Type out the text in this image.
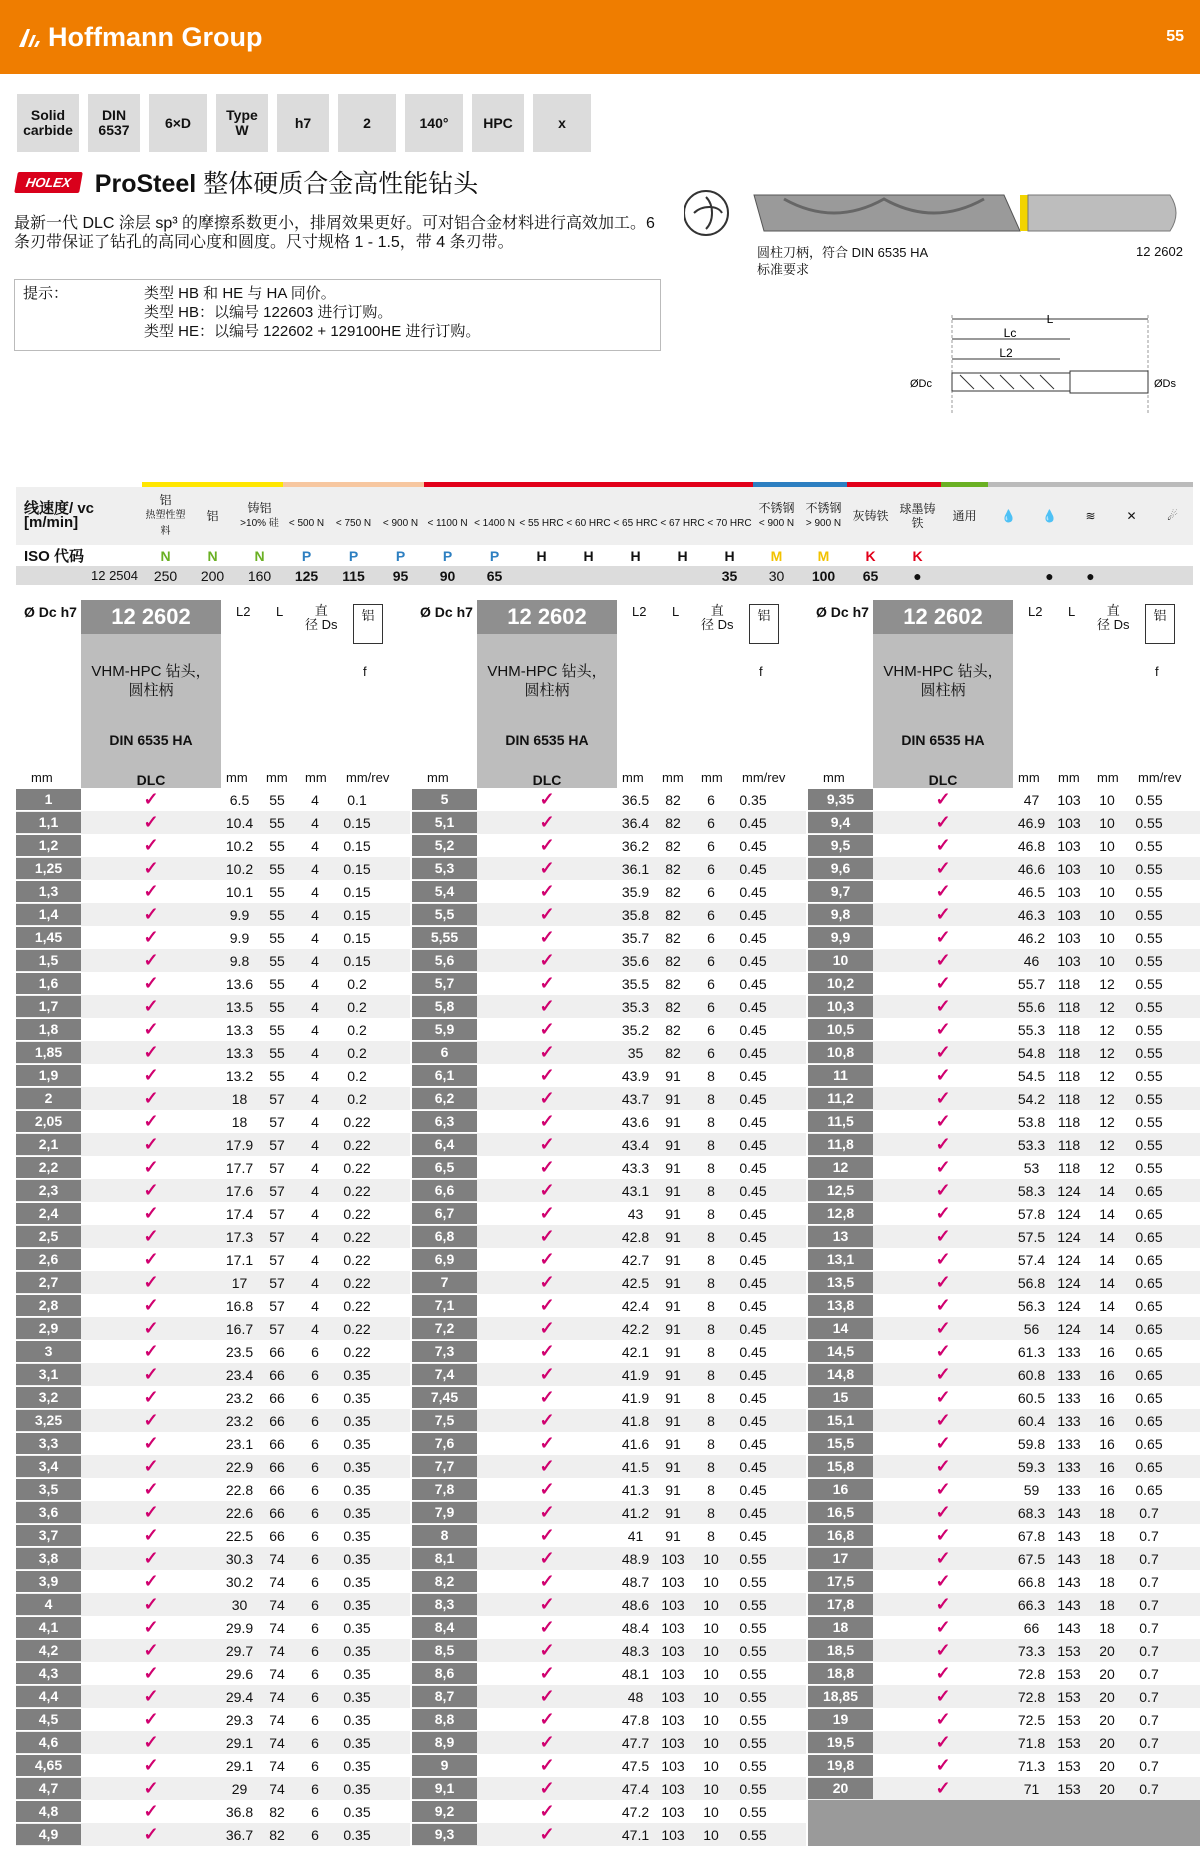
Hoffmann Group	55
Solid
carbide
DIN
6537	6×D	Type
W	h7	2	140°	HPC	x
HOLEX ProSteel 整体硬质合金高性能钻头
最新一代 DLC 涂层 sp³ 的摩擦系数更小，排屑效果更好。可对铝合金材料进行高效加工。6 条刃带保证了钻孔的高同心度和圆度。尺寸规格 1 - 1.5，带 4 条刃带。
提示：	类型 HB 和 HE 与 HA 同价。
类型 HB：以编号 122603 进行订购。
类型 HE：以编号 122602 + 129100HE 进行订购。
圆柱刀柄，符合 DIN 6535 HA
标准要求
12 2602
L
Lc
L2
ØDc	ØDs

线速度/ vc [m/min]	铝
热塑性塑料	铝	铸铝
>10% 硅	< 500 N	< 750 N	< 900 N	< 1100 N	< 1400 N	< 55 HRC	< 60 HRC	< 65 HRC	< 67 HRC	< 70 HRC	不锈钢
< 900 N	不锈钢
> 900 N	灰铸铁	球墨铸铁	通用	💧	💧	≋	✕	☄
ISO 代码	N	N	N	P	P	P	P	P	H	H	H	H	H	M	M	K	K						
12 2504	250	200	160	125	115	95	90	65					35	30	100	65	●			●	●		
Ø Dc h7	12 2602
VHM-HPC 钻头，
圆柱柄
DIN 6535 HA
DLC
L2 L	直
径 Ds
铝
f
mm	mm mm mm mm/rev
1	✓	6.5	55	4	0.1
1,1	✓	10.4	55	4	0.15
1,2	✓	10.2	55	4	0.15
1,25	✓	10.2	55	4	0.15
1,3	✓	10.1	55	4	0.15
1,4	✓	9.9	55	4	0.15
1,45	✓	9.9	55	4	0.15
1,5	✓	9.8	55	4	0.15
1,6	✓	13.6	55	4	0.2
1,7	✓	13.5	55	4	0.2
1,8	✓	13.3	55	4	0.2
1,85	✓	13.3	55	4	0.2
1,9	✓	13.2	55	4	0.2
2	✓	18	57	4	0.2
2,05	✓	18	57	4	0.22
2,1	✓	17.9	57	4	0.22
2,2	✓	17.7	57	4	0.22
2,3	✓	17.6	57	4	0.22
2,4	✓	17.4	57	4	0.22
2,5	✓	17.3	57	4	0.22
2,6	✓	17.1	57	4	0.22
2,7	✓	17	57	4	0.22
2,8	✓	16.8	57	4	0.22
2,9	✓	16.7	57	4	0.22
3	✓	23.5	66	6	0.22
3,1	✓	23.4	66	6	0.35
3,2	✓	23.2	66	6	0.35
3,25	✓	23.2	66	6	0.35
3,3	✓	23.1	66	6	0.35
3,4	✓	22.9	66	6	0.35
3,5	✓	22.8	66	6	0.35
3,6	✓	22.6	66	6	0.35
3,7	✓	22.5	66	6	0.35
3,8	✓	30.3	74	6	0.35
3,9	✓	30.2	74	6	0.35
4	✓	30	74	6	0.35
4,1	✓	29.9	74	6	0.35
4,2	✓	29.7	74	6	0.35
4,3	✓	29.6	74	6	0.35
4,4	✓	29.4	74	6	0.35
4,5	✓	29.3	74	6	0.35
4,6	✓	29.1	74	6	0.35
4,65	✓	29.1	74	6	0.35
4,7	✓	29	74	6	0.35
4,8	✓	36.8	82	6	0.35
4,9	✓	36.7	82	6	0.35
Ø Dc h7	12 2602
VHM-HPC 钻头，
圆柱柄
DIN 6535 HA
DLC
L2 L	直
径 Ds
铝
f
mm	mm mm mm mm/rev
5	✓	36.5	82	6	0.35
5,1	✓	36.4	82	6	0.45
5,2	✓	36.2	82	6	0.45
5,3	✓	36.1	82	6	0.45
5,4	✓	35.9	82	6	0.45
5,5	✓	35.8	82	6	0.45
5,55	✓	35.7	82	6	0.45
5,6	✓	35.6	82	6	0.45
5,7	✓	35.5	82	6	0.45
5,8	✓	35.3	82	6	0.45
5,9	✓	35.2	82	6	0.45
6	✓	35	82	6	0.45
6,1	✓	43.9	91	8	0.45
6,2	✓	43.7	91	8	0.45
6,3	✓	43.6	91	8	0.45
6,4	✓	43.4	91	8	0.45
6,5	✓	43.3	91	8	0.45
6,6	✓	43.1	91	8	0.45
6,7	✓	43	91	8	0.45
6,8	✓	42.8	91	8	0.45
6,9	✓	42.7	91	8	0.45
7	✓	42.5	91	8	0.45
7,1	✓	42.4	91	8	0.45
7,2	✓	42.2	91	8	0.45
7,3	✓	42.1	91	8	0.45
7,4	✓	41.9	91	8	0.45
7,45	✓	41.9	91	8	0.45
7,5	✓	41.8	91	8	0.45
7,6	✓	41.6	91	8	0.45
7,7	✓	41.5	91	8	0.45
7,8	✓	41.3	91	8	0.45
7,9	✓	41.2	91	8	0.45
8	✓	41	91	8	0.45
8,1	✓	48.9 103	10	0.55
8,2	✓	48.7 103	10	0.55
8,3	✓	48.6 103	10	0.55
8,4	✓	48.4 103	10	0.55
8,5	✓	48.3 103	10	0.55
8,6	✓	48.1 103	10	0.55
8,7	✓	48	103	10	0.55
8,8	✓	47.8 103	10	0.55
8,9	✓	47.7 103	10	0.55
9	✓	47.5 103	10	0.55
9,1	✓	47.4 103	10	0.55
9,2	✓	47.2 103	10	0.55
9,3	✓	47.1 103	10	0.55
Ø Dc h7	12 2602
VHM-HPC 钻头，
圆柱柄
DIN 6535 HA
DLC
L2 L	直
径 Ds
铝
f
mm	mm mm mm mm/rev
9,35	✓	47	103	10	0.55
9,4	✓	46.9 103	10	0.55
9,5	✓	46.8 103	10	0.55
9,6	✓	46.6 103	10	0.55
9,7	✓	46.5 103	10	0.55
9,8	✓	46.3 103	10	0.55
9,9	✓	46.2 103	10	0.55
10	✓	46	103	10	0.55
10,2	✓	55.7 118	12	0.55
10,3	✓	55.6 118	12	0.55
10,5	✓	55.3 118	12	0.55
10,8	✓	54.8 118	12	0.55
11	✓	54.5 118	12	0.55
11,2	✓	54.2 118	12	0.55
11,5	✓	53.8 118	12	0.55
11,8	✓	53.3 118	12	0.55
12	✓	53	118	12	0.55
12,5	✓	58.3 124	14	0.65
12,8	✓	57.8 124	14	0.65
13	✓	57.5 124	14	0.65
13,1	✓	57.4 124	14	0.65
13,5	✓	56.8 124	14	0.65
13,8	✓	56.3 124	14	0.65
14	✓	56	124	14	0.65
14,5	✓	61.3 133	16	0.65
14,8	✓	60.8 133	16	0.65
15	✓	60.5 133	16	0.65
15,1	✓	60.4 133	16	0.65
15,5	✓	59.8 133	16	0.65
15,8	✓	59.3 133	16	0.65
16	✓	59	133	16	0.65
16,5	✓	68.3 143	18	0.7
16,8	✓	67.8 143	18	0.7
17	✓	67.5 143	18	0.7
17,5	✓	66.8 143	18	0.7
17,8	✓	66.3 143	18	0.7
18	✓	66	143	18	0.7
18,5	✓	73.3 153	20	0.7
18,8	✓	72.8 153	20	0.7
18,85	✓	72.8 153	20	0.7
19	✓	72.5 153	20	0.7
19,5	✓	71.8 153	20	0.7
19,8	✓	71.3 153	20	0.7
20	✓	71	153	20	0.7
